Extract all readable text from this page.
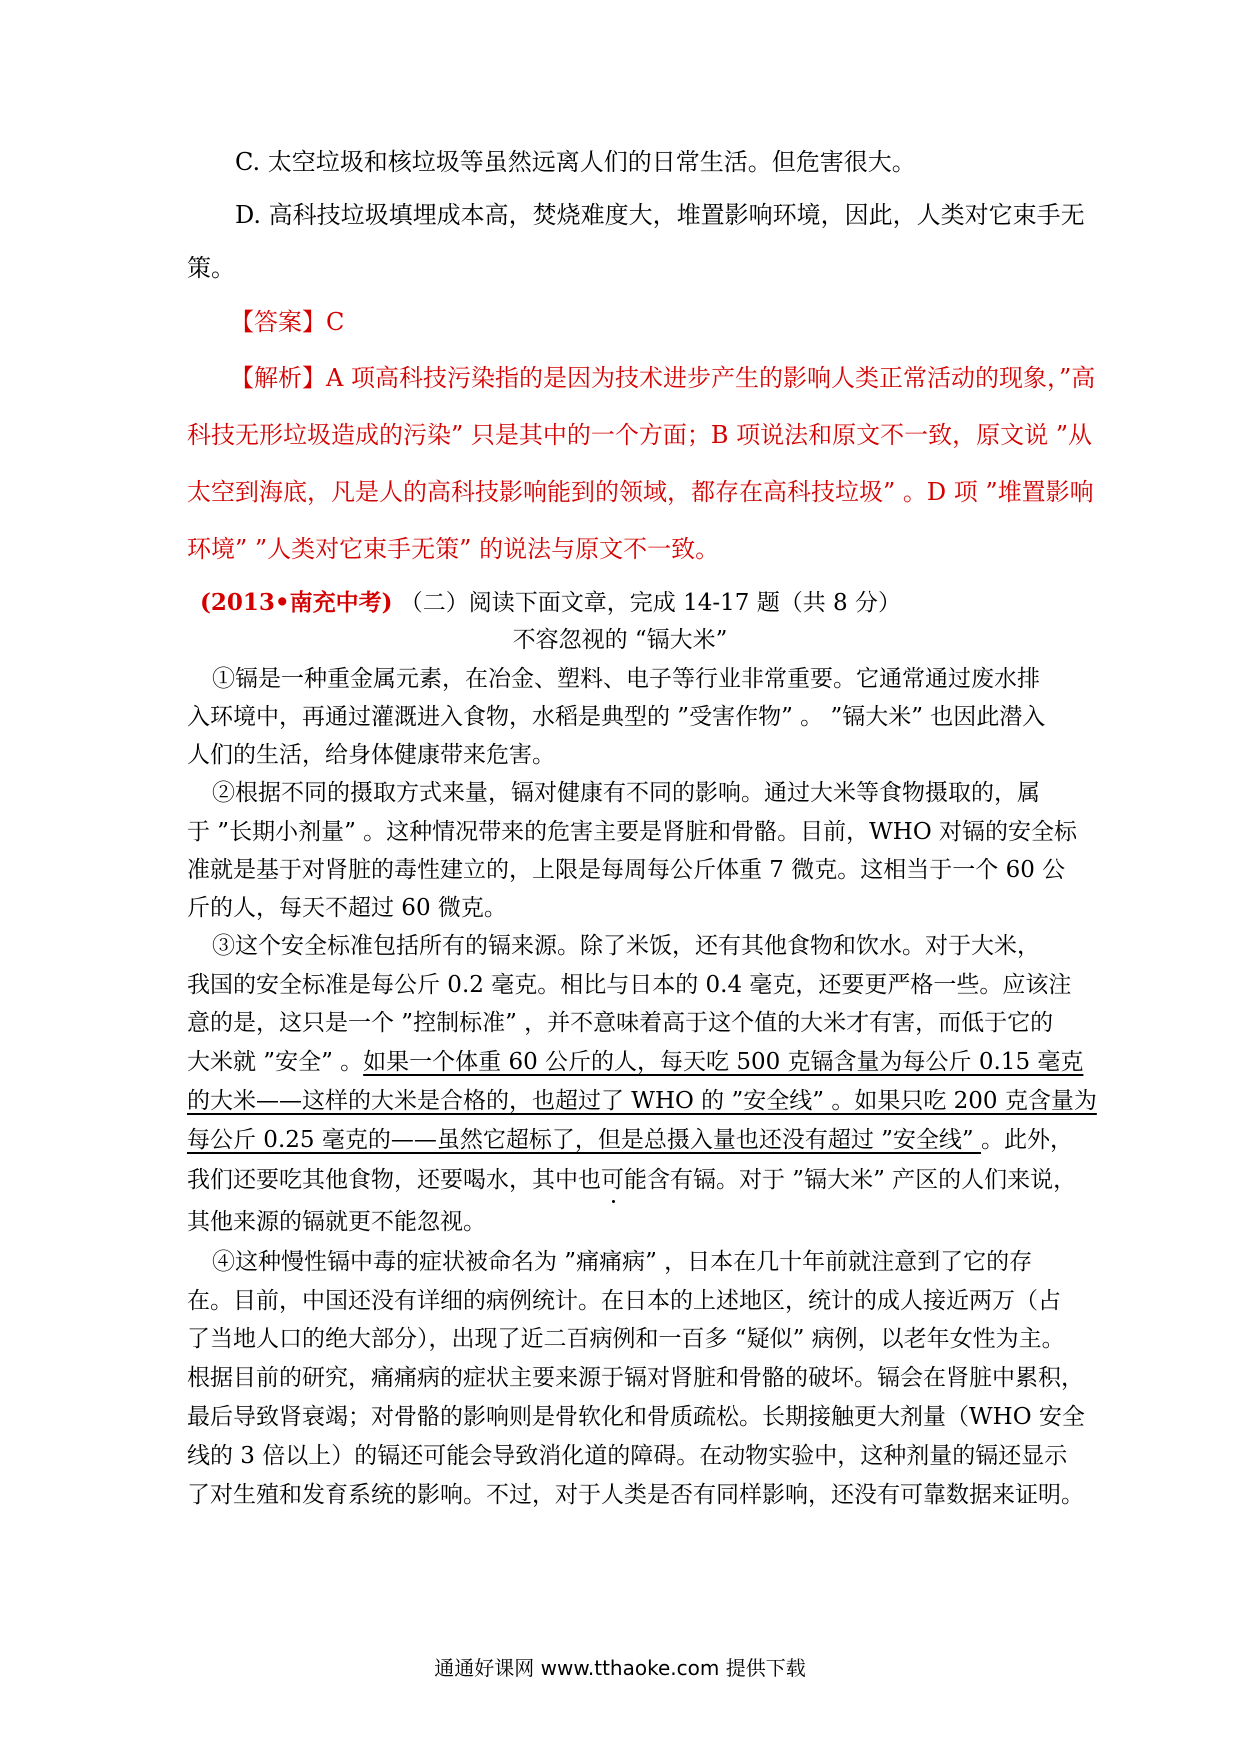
C. 太空垃圾和核垃圾等虽然远离人们的日常生活。但危害很大。
D. 高科技垃圾填埋成本高，焚烧难度大，堆置影响环境，因此，人类对它束手无
策。
【答案】C
【解析】A 项高科技污染指的是因为技术进步产生的影响人类正常活动的现象，”高
科技无形垃圾造成的污染” 只是其中的一个方面；B 项说法和原文不一致，原文说 ”从
太空到海底，凡是人的高科技影响能到的领域，都存在高科技垃圾” 。D 项 ”堆置影响
环境” ”人类对它束手无策” 的说法与原文不一致。
(2013•南充中考) （二）阅读下面文章，完成 14-17 题（共 8 分）
不容忽视的 “镉大米”
①镉是一种重金属元素，在冶金、塑料、电子等行业非常重要。它通常通过废水排
入环境中，再通过灌溉进入食物，水稻是典型的 ”受害作物” 。 ”镉大米” 也因此潜入
人们的生活，给身体健康带来危害。
②根据不同的摄取方式来量，镉对健康有不同的影响。通过大米等食物摄取的，属
于 ”长期小剂量” 。这种情况带来的危害主要是肾脏和骨骼。目前，WHO 对镉的安全标
准就是基于对肾脏的毒性建立的，上限是每周每公斤体重 7 微克。这相当于一个 60 公
斤的人，每天不超过 60 微克。
③这个安全标准包括所有的镉来源。除了米饭，还有其他食物和饮水。对于大米，
我国的安全标准是每公斤 0.2 毫克。相比与日本的 0.4 毫克，还要更严格一些。应该注
意的是，这只是一个 ”控制标准” ，并不意味着高于这个值的大米才有害，而低于它的
大米就 ”安全” 。如果一个体重 60 公斤的人，每天吃 500 克镉含量为每公斤 0.15 毫克
的大米——这样的大米是合格的，也超过了 WHO 的 ”安全线” 。如果只吃 200 克含量为
每公斤 0.25 毫克的——虽然它超标了，但是总摄入量也还没有超过 ”安全线” 。此外，
我们还要吃其他食物，还要喝水，其中也可能含有镉。对于 ”镉大米” 产区的人们来说，
其他来源的镉就更不能忽视。
④这种慢性镉中毒的症状被命名为 ”痛痛病” ，日本在几十年前就注意到了它的存
在。目前，中国还没有详细的病例统计。在日本的上述地区，统计的成人接近两万（占
了当地人口的绝大部分），出现了近二百病例和一百多 “疑似” 病例，以老年女性为主。
根据目前的研究，痛痛病的症状主要来源于镉对肾脏和骨骼的破坏。镉会在肾脏中累积，
最后导致肾衰竭；对骨骼的影响则是骨软化和骨质疏松。长期接触更大剂量（WHO 安全
线的 3 倍以上）的镉还可能会导致消化道的障碍。在动物实验中，这种剂量的镉还显示
了对生殖和发育系统的影响。不过，对于人类是否有同样影响，还没有可靠数据来证明。
通通好课网 www.tthaoke.com 提供下载
